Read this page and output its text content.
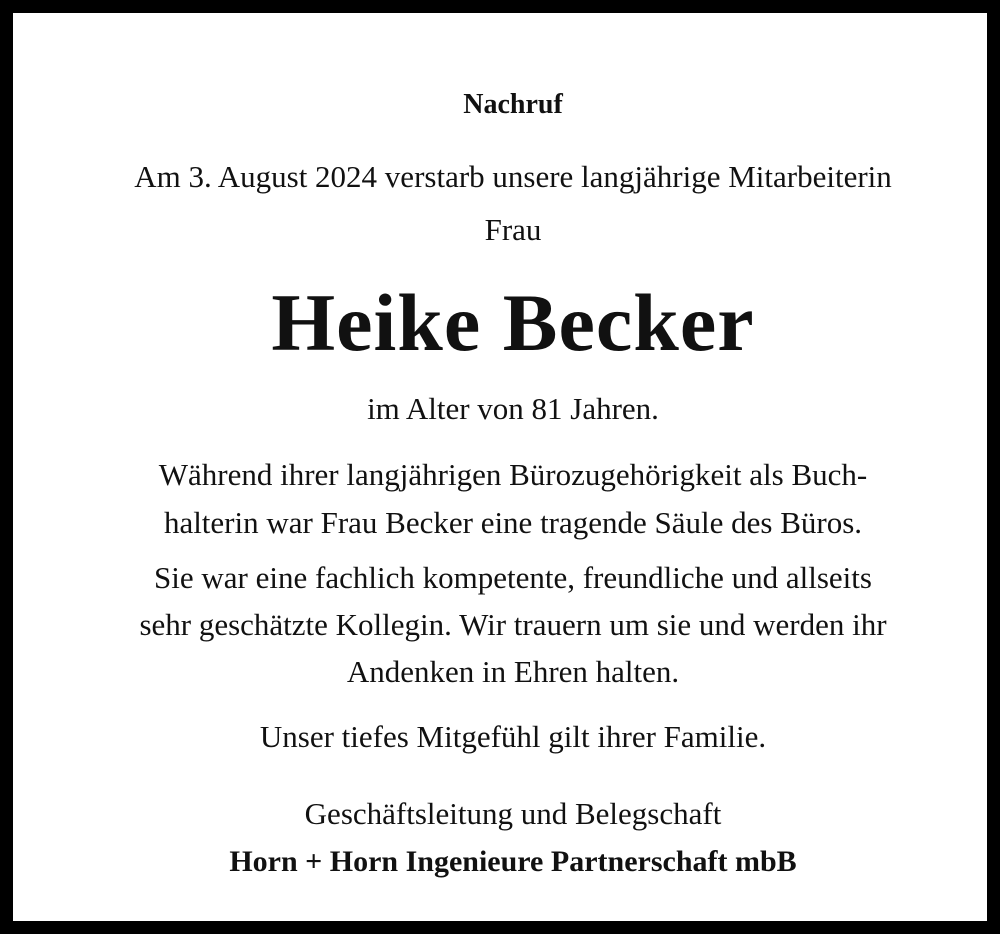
Nachruf
Am 3. August 2024 verstarb unsere langjährige Mitarbeiterin
Frau
Heike Becker
im Alter von 81 Jahren.
Während ihrer langjährigen Bürozugehörigkeit als Buch-
halterin war Frau Becker eine tragende Säule des Büros.
Sie war eine fachlich kompetente, freundliche und allseits
sehr geschätzte Kollegin. Wir trauern um sie und werden ihr
Andenken in Ehren halten.
Unser tiefes Mitgefühl gilt ihrer Familie.
Geschäftsleitung und Belegschaft
Horn + Horn Ingenieure Partnerschaft mbB
